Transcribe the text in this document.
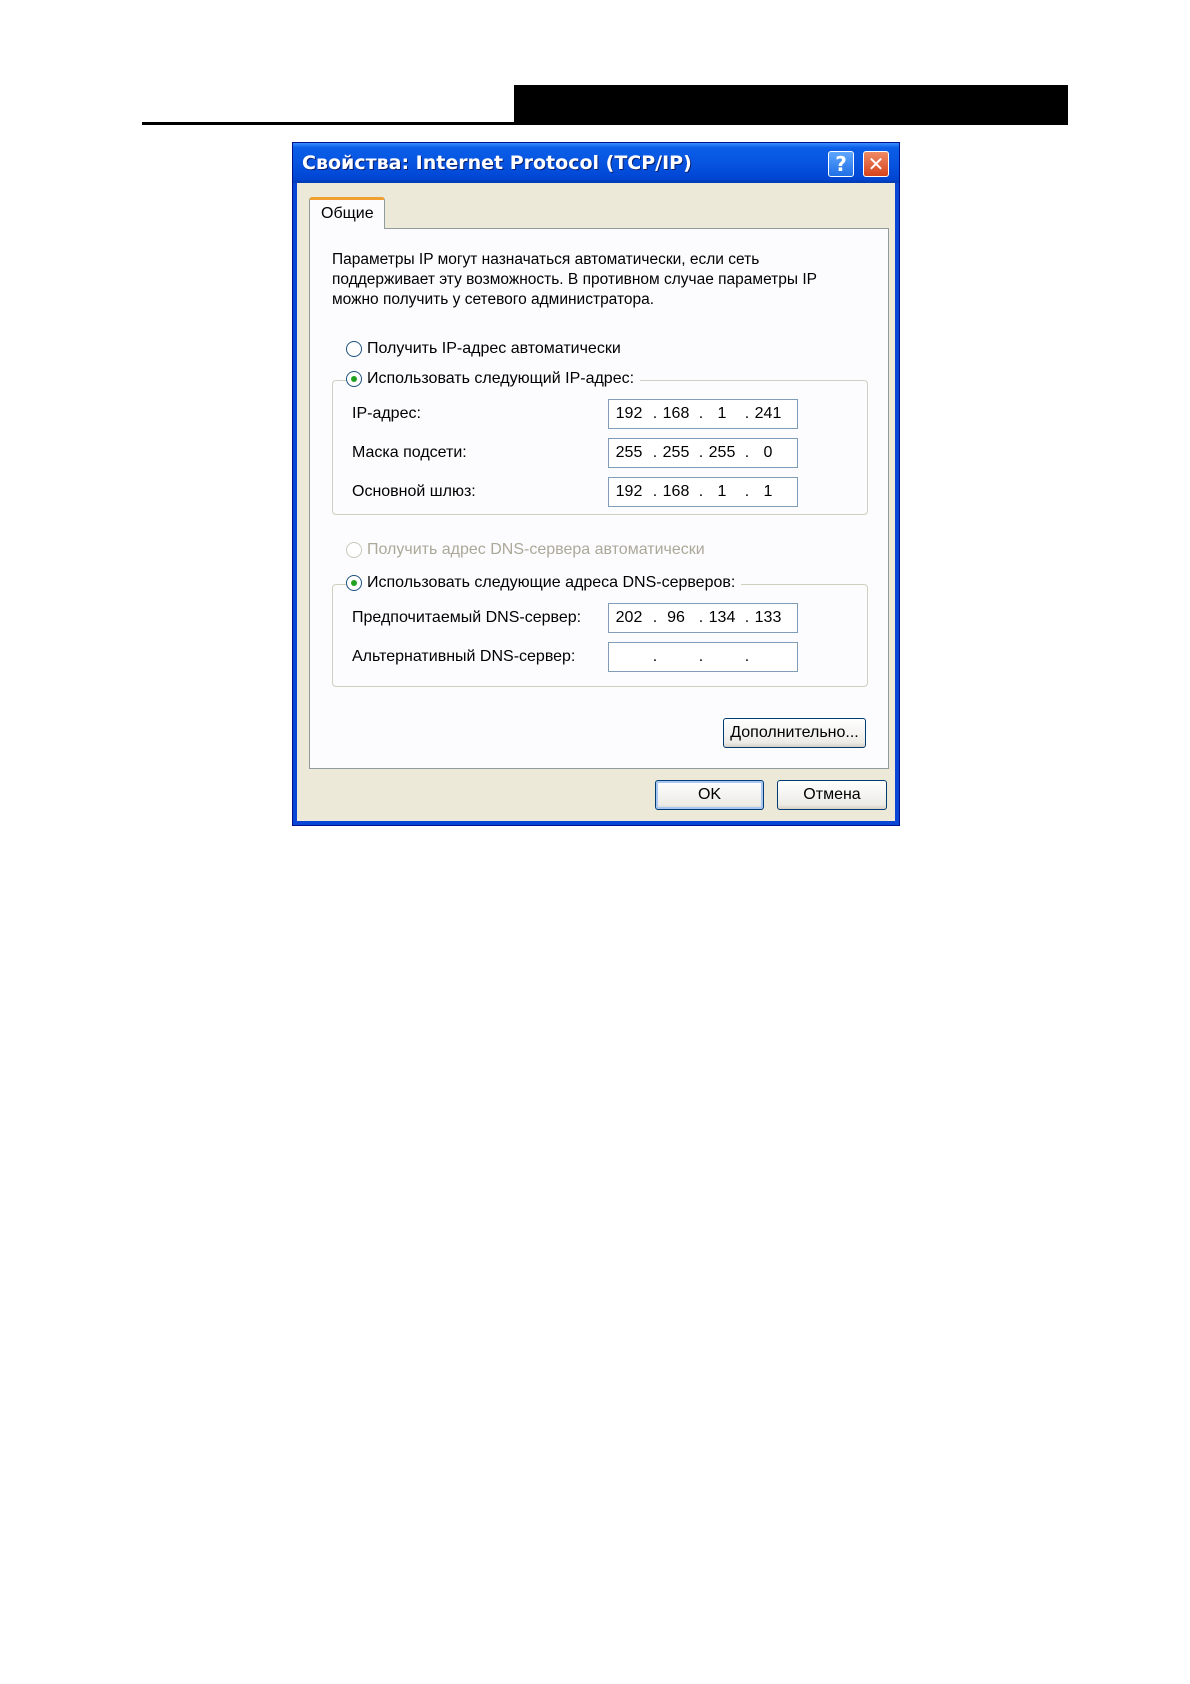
Свойства: Internet Protocol (TCP/IP)	?	✕
Общие
Параметры IP могут назначаться автоматически, если сеть поддерживает эту возможность. В противном случае параметры IP можно получить у сетевого администратора.
Получить IP-адрес автоматически
Использовать следующий IP-адрес:
IP-адрес:	192 . 168 . 1	. 241
Маска подсети:	255 . 255 . 255 . 0
Основной шлюз:	192 . 168 . 1	. 1
Получить адрес DNS-сервера автоматически
Использовать следующие адреса DNS-серверов:
Предпочитаемый DNS-сервер: 202 . 96 . 134 . 133
Альтернативный DNS-сервер:	.	.	.
Дополнительно...
OK	Отмена
